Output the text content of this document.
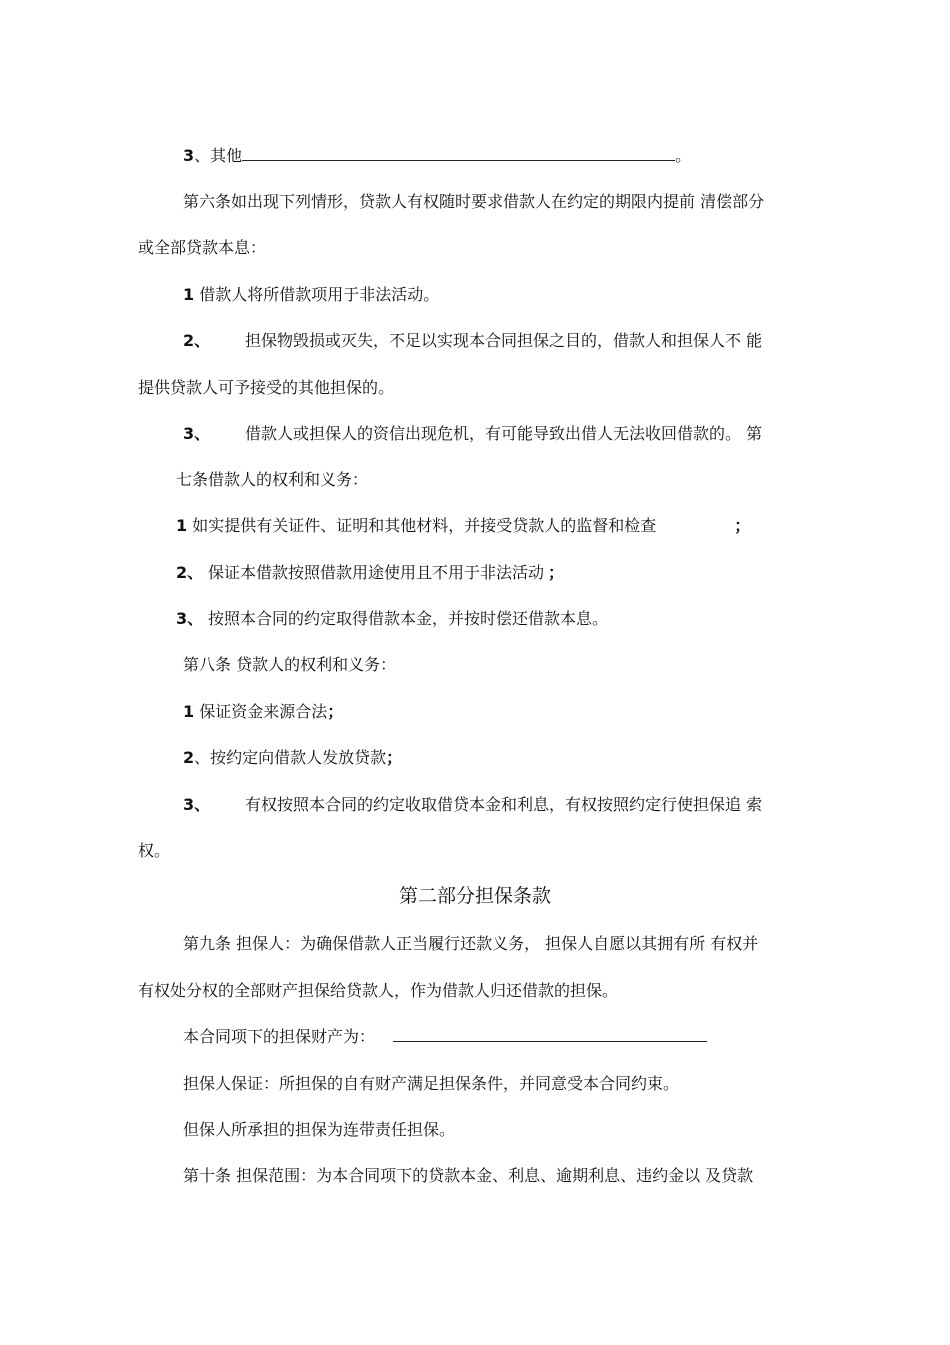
3、其他	。
第六条如出现下列情形，贷款人有权随时要求借款人在约定的期限内提前 清偿部分
或全部贷款本息：
1 借款人将所借款项用于非法活动。
2、 担保物毁损或灭失，不足以实现本合同担保之目的，借款人和担保人不 能
提供贷款人可予接受的其他担保的。
3、 借款人或担保人的资信出现危机，有可能导致出借人无法收回借款的。 第
七条借款人的权利和义务：
1 如实提供有关证件、证明和其他材料，并接受贷款人的监督和检查	；
2、 保证本借款按照借款用途使用且不用于非法活动 ；
3、 按照本合同的约定取得借款本金，并按时偿还借款本息。
第八条 贷款人的权利和义务：
1 保证资金来源合法；
2、按约定向借款人发放贷款；
3、 有权按照本合同的约定收取借贷本金和利息，有权按照约定行使担保追 索
权。
第二部分担保条款
第九条 担保人：为确保借款人正当履行还款义务， 担保人自愿以其拥有所 有权并
有权处分权的全部财产担保给贷款人，作为借款人归还借款的担保。
本合同项下的担保财产为：
担保人保证：所担保的自有财产满足担保条件，并同意受本合同约束。
但保人所承担的担保为连带责任担保。
第十条 担保范围：为本合同项下的贷款本金、利息、逾期利息、违约金以 及贷款
